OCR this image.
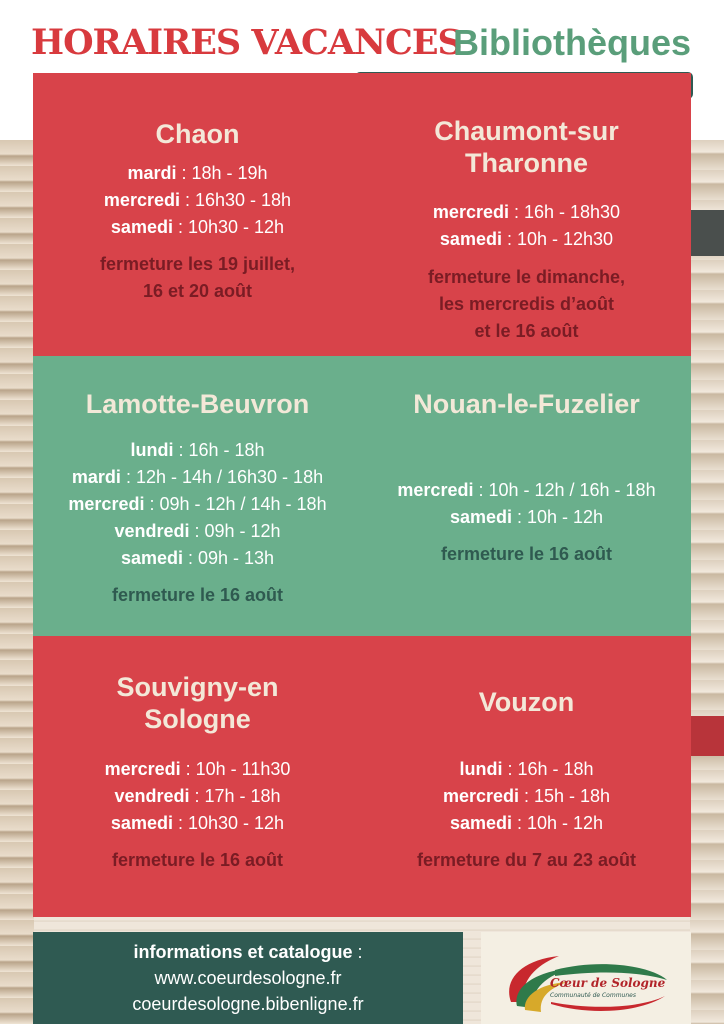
HORAIRES VACANCES
Bibliothèques
Chaon
mardi : 18h - 19h
mercredi : 16h30 - 18h
samedi : 10h30 - 12h
fermeture les 19 juillet,
16 et 20 août
Chaumont-sur
Tharonne
mercredi : 16h - 18h30
samedi : 10h - 12h30
fermeture le dimanche,
les mercredis d’août
et le 16 août
Lamotte-Beuvron
lundi : 16h - 18h
mardi : 12h - 14h / 16h30 - 18h
mercredi : 09h - 12h / 14h - 18h
vendredi : 09h - 12h
samedi : 09h - 13h
fermeture le 16 août
Nouan-le-Fuzelier
mercredi : 10h - 12h / 16h - 18h
samedi : 10h - 12h
fermeture le 16 août
Souvigny-en
Sologne
mercredi : 10h - 11h30
vendredi : 17h - 18h
samedi : 10h30 - 12h
fermeture le 16 août
Vouzon
lundi : 16h - 18h
mercredi : 15h - 18h
samedi : 10h - 12h
fermeture du 7 au 23 août
informations et catalogue :
www.coeurdesologne.fr
coeurdesologne.bibenligne.fr
Cœur de Sologne
Communauté de Communes
